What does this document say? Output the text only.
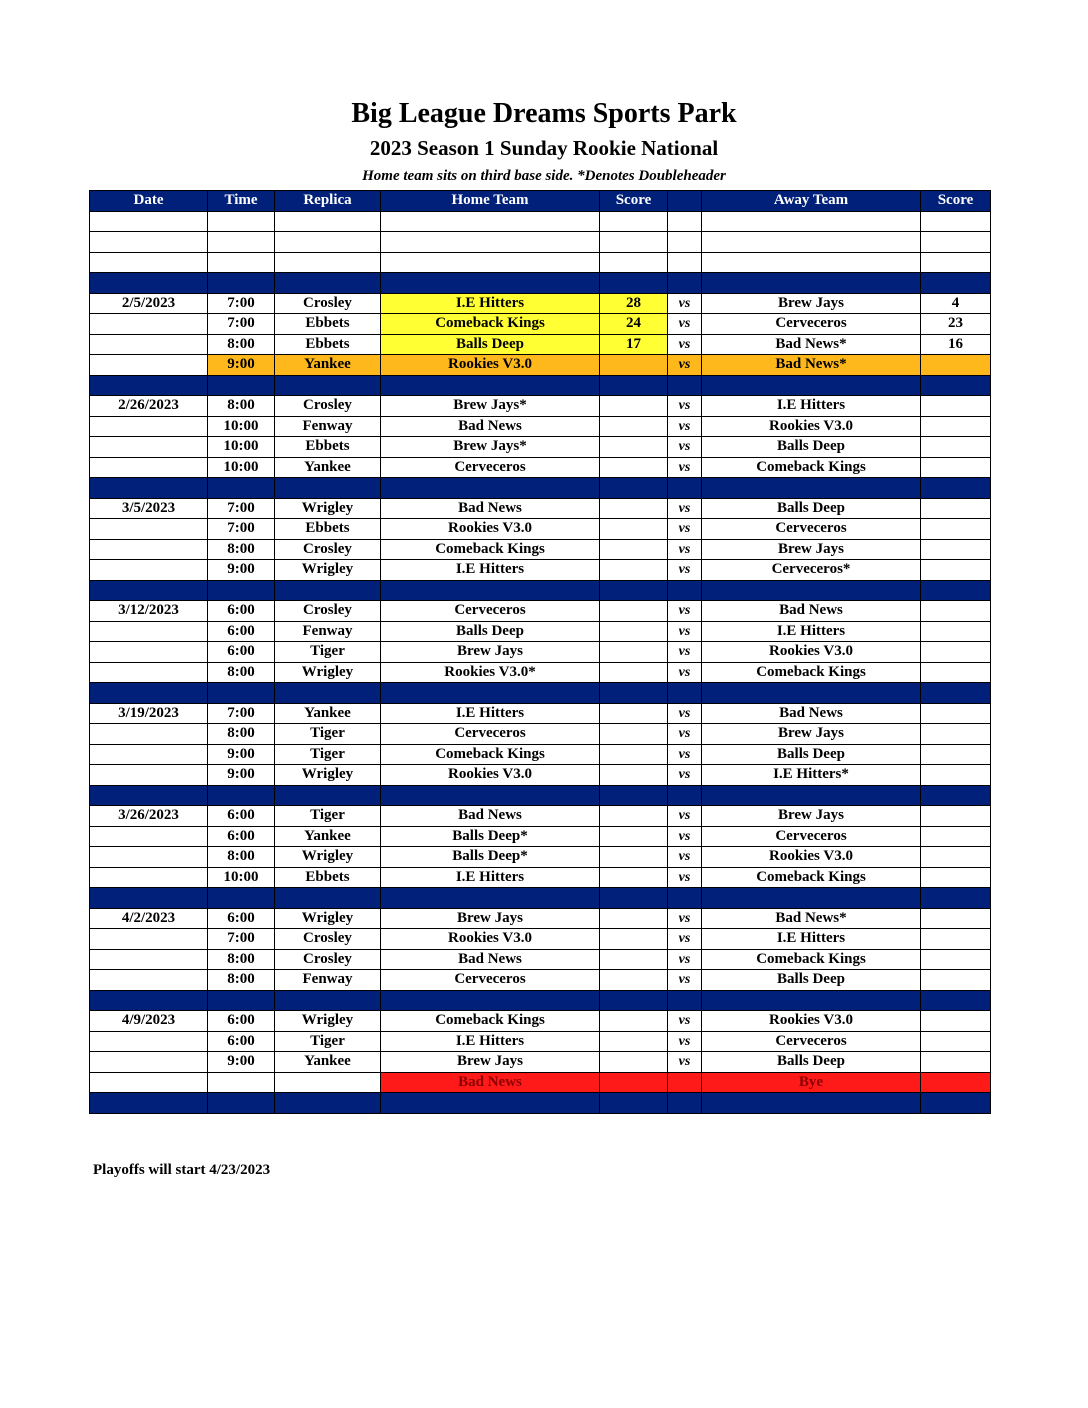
Big League Dreams Sports Park
2023 Season 1 Sunday Rookie National
Home team sits on third base side. *Denotes Doubleheader
Date	Time	Replica	Home Team	Score		Away Team	Score

2/5/2023	7:00	Crosley	I.E Hitters	28	vs	Brew Jays	4
	7:00	Ebbets	Comeback Kings	24	vs	Cerveceros	23
	8:00	Ebbets	Balls Deep	17	vs	Bad News*	16
	9:00	Yankee	Rookies V3.0		vs	Bad News*	

2/26/2023	8:00	Crosley	Brew Jays*		vs	I.E Hitters	
	10:00	Fenway	Bad News		vs	Rookies V3.0	
	10:00	Ebbets	Brew Jays*		vs	Balls Deep	
	10:00	Yankee	Cerveceros		vs	Comeback Kings	

3/5/2023	7:00	Wrigley	Bad News		vs	Balls Deep	
	7:00	Ebbets	Rookies V3.0		vs	Cerveceros	
	8:00	Crosley	Comeback Kings		vs	Brew Jays	
	9:00	Wrigley	I.E Hitters		vs	Cerveceros*	

3/12/2023	6:00	Crosley	Cerveceros		vs	Bad News	
	6:00	Fenway	Balls Deep		vs	I.E Hitters	
	6:00	Tiger	Brew Jays		vs	Rookies V3.0	
	8:00	Wrigley	Rookies V3.0*		vs	Comeback Kings	

3/19/2023	7:00	Yankee	I.E Hitters		vs	Bad News	
	8:00	Tiger	Cerveceros		vs	Brew Jays	
	9:00	Tiger	Comeback Kings		vs	Balls Deep	
	9:00	Wrigley	Rookies V3.0		vs	I.E Hitters*	

3/26/2023	6:00	Tiger	Bad News		vs	Brew Jays	
	6:00	Yankee	Balls Deep*		vs	Cerveceros	
	8:00	Wrigley	Balls Deep*		vs	Rookies V3.0	
	10:00	Ebbets	I.E Hitters		vs	Comeback Kings	

4/2/2023	6:00	Wrigley	Brew Jays		vs	Bad News*	
	7:00	Crosley	Rookies V3.0		vs	I.E Hitters	
	8:00	Crosley	Bad News		vs	Comeback Kings	
	8:00	Fenway	Cerveceros		vs	Balls Deep	

4/9/2023	6:00	Wrigley	Comeback Kings		vs	Rookies V3.0	
	6:00	Tiger	I.E Hitters		vs	Cerveceros	
	9:00	Yankee	Brew Jays		vs	Balls Deep	
			Bad News			Bye	

Playoffs will start 4/23/2023
